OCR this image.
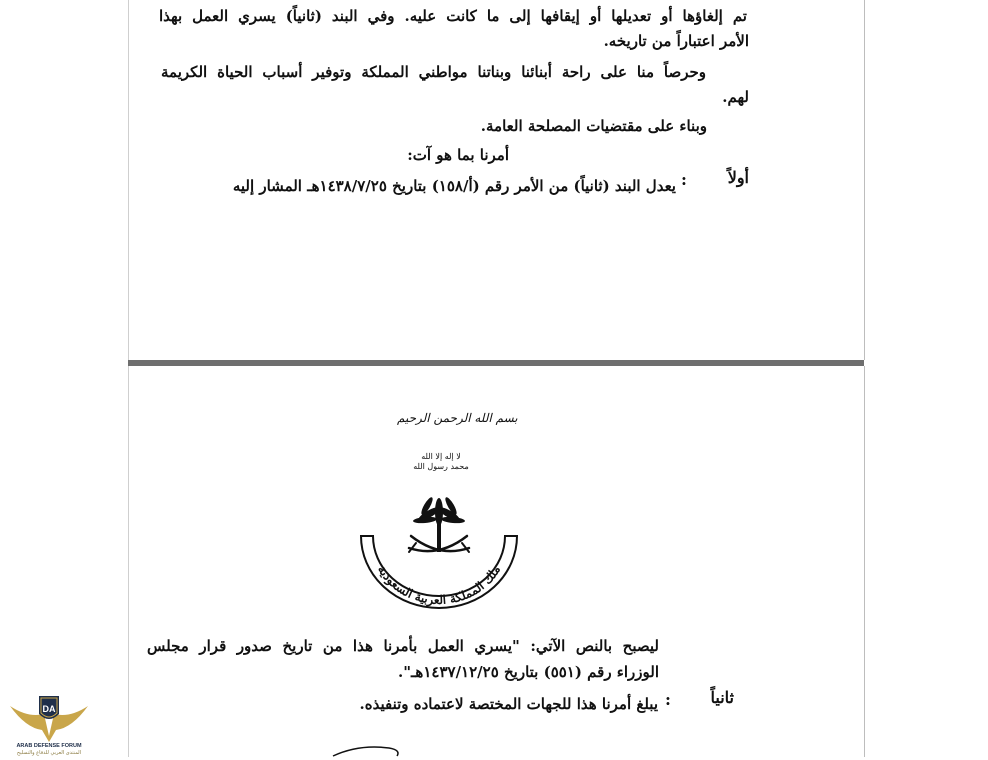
تم إلغاؤها أو تعديلها أو إيقافها إلى ما كانت عليه. وفي البند (ثانياً) يسري العمل بهذا
الأمر اعتباراً من تاريخه.
وحرصاً منا على راحة أبنائنا وبناتنا مواطني المملكة وتوفير أسباب الحياة الكريمة
لهم.
وبناء على مقتضيات المصلحة العامة.
أمرنا بما هو آت:
أولاً
:
يعدل البند (ثانياً) من الأمر رقم (أ/١٥٨) بتاريخ ١٤٣٨/٧/٢٥هـ المشار إليه
بسم الله الرحمن الرحيم
لا إله إلا الله محمد رسول الله
ملك المملكة العربية السعودية
ليصبح بالنص الآتي: "يسري العمل بأمرنا هذا من تاريخ صدور قرار مجلس
الوزراء رقم (٥٥١) بتاريخ ١٤٣٧/١٢/٢٥هـ".
ثانياً
:
يبلغ أمرنا هذا للجهات المختصة لاعتماده وتنفيذه.
DA
ARAB DEFENSE FORUM
المنتدى العربي للدفاع والتسليح
